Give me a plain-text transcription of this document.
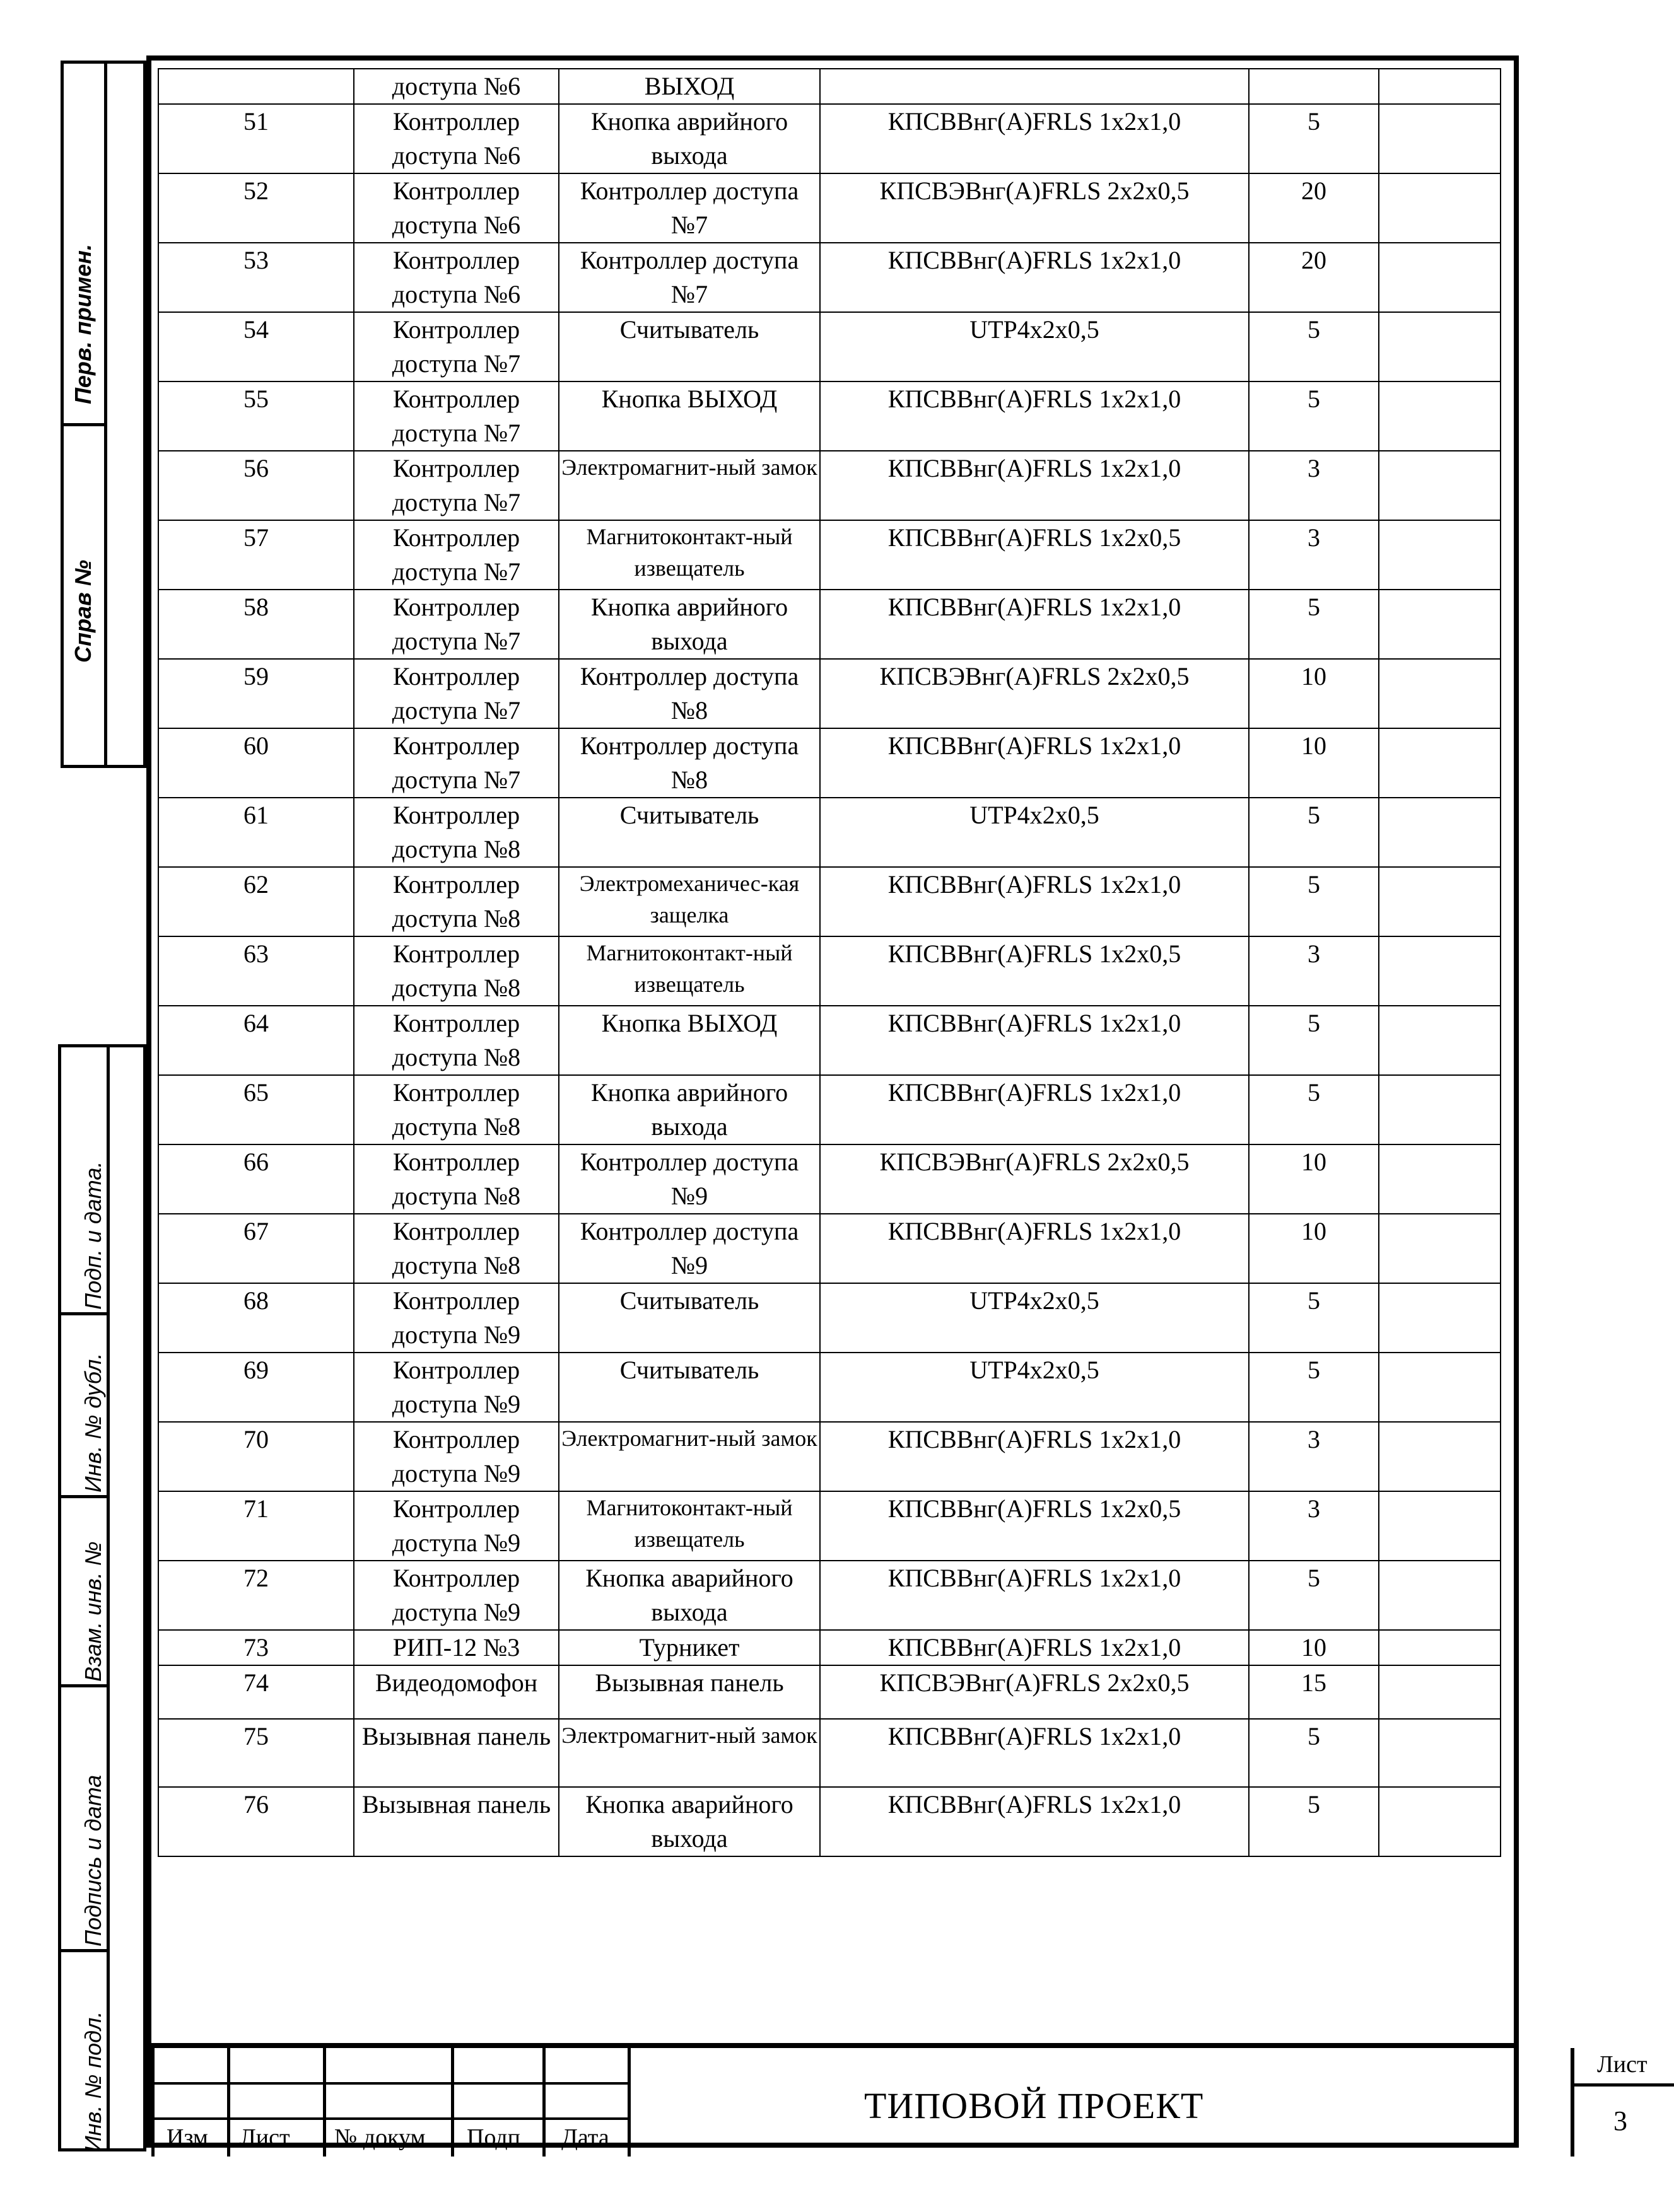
Перв. примен.
Справ №
Подп. и дата.
Инв. № дубл.
Взам. инв. №
Подпись и дата
Инв. № подл.
	доступа №6	ВЫХОД			
51	Контроллер доступа №6	Кнопка аврийного выхода	КПСВВнг(А)FRLS 1х2х1,0	5	
52	Контроллер доступа №6	Контроллер доступа №7	КПСВЭВнг(А)FRLS 2х2х0,5	20	
53	Контроллер доступа №6	Контроллер доступа №7	КПСВВнг(А)FRLS 1х2х1,0	20	
54	Контроллер доступа №7	Считыватель	UTP4х2х0,5	5	
55	Контроллер доступа №7	Кнопка ВЫХОД	КПСВВнг(А)FRLS 1х2х1,0	5	
56	Контроллер доступа №7	Электромагнит-ный замок	КПСВВнг(А)FRLS 1х2х1,0	3	
57	Контроллер доступа №7	Магнитоконтакт-ный извещатель	КПСВВнг(А)FRLS 1х2х0,5	3	
58	Контроллер доступа №7	Кнопка аврийного выхода	КПСВВнг(А)FRLS 1х2х1,0	5	
59	Контроллер доступа №7	Контроллер доступа №8	КПСВЭВнг(А)FRLS 2х2х0,5	10	
60	Контроллер доступа №7	Контроллер доступа №8	КПСВВнг(А)FRLS 1х2х1,0	10	
61	Контроллер доступа №8	Считыватель	UTP4х2х0,5	5	
62	Контроллер доступа №8	Электромеханичес-кая защелка	КПСВВнг(А)FRLS 1х2х1,0	5	
63	Контроллер доступа №8	Магнитоконтакт-ный извещатель	КПСВВнг(А)FRLS 1х2х0,5	3	
64	Контроллер доступа №8	Кнопка ВЫХОД	КПСВВнг(А)FRLS 1х2х1,0	5	
65	Контроллер доступа №8	Кнопка аврийного выхода	КПСВВнг(А)FRLS 1х2х1,0	5	
66	Контроллер доступа №8	Контроллер доступа №9	КПСВЭВнг(А)FRLS 2х2х0,5	10	
67	Контроллер доступа №8	Контроллер доступа №9	КПСВВнг(А)FRLS 1х2х1,0	10	
68	Контроллер доступа №9	Считыватель	UTP4х2х0,5	5	
69	Контроллер доступа №9	Считыватель	UTP4х2х0,5	5	
70	Контроллер доступа №9	Электромагнит-ный замок	КПСВВнг(А)FRLS 1х2х1,0	3	
71	Контроллер доступа №9	Магнитоконтакт-ный извещатель	КПСВВнг(А)FRLS 1х2х0,5	3	
72	Контроллер доступа №9	Кнопка аварийного выхода	КПСВВнг(А)FRLS 1х2х1,0	5	
73	РИП-12 №3	Турникет	КПСВВнг(А)FRLS 1х2х1,0	10	
74	Видеодомофон	Вызывная панель	КПСВЭВнг(А)FRLS 2х2х0,5	15	
75	Вызывная панель	Электромагнит-ный замок	КПСВВнг(А)FRLS 1х2х1,0	5	
76	Вызывная панель	Кнопка аварийного выхода	КПСВВнг(А)FRLS 1х2х1,0	5	
Изм Лист № докум Подп Дата
ТИПОВОЙ ПРОЕКТ
Лист
3
